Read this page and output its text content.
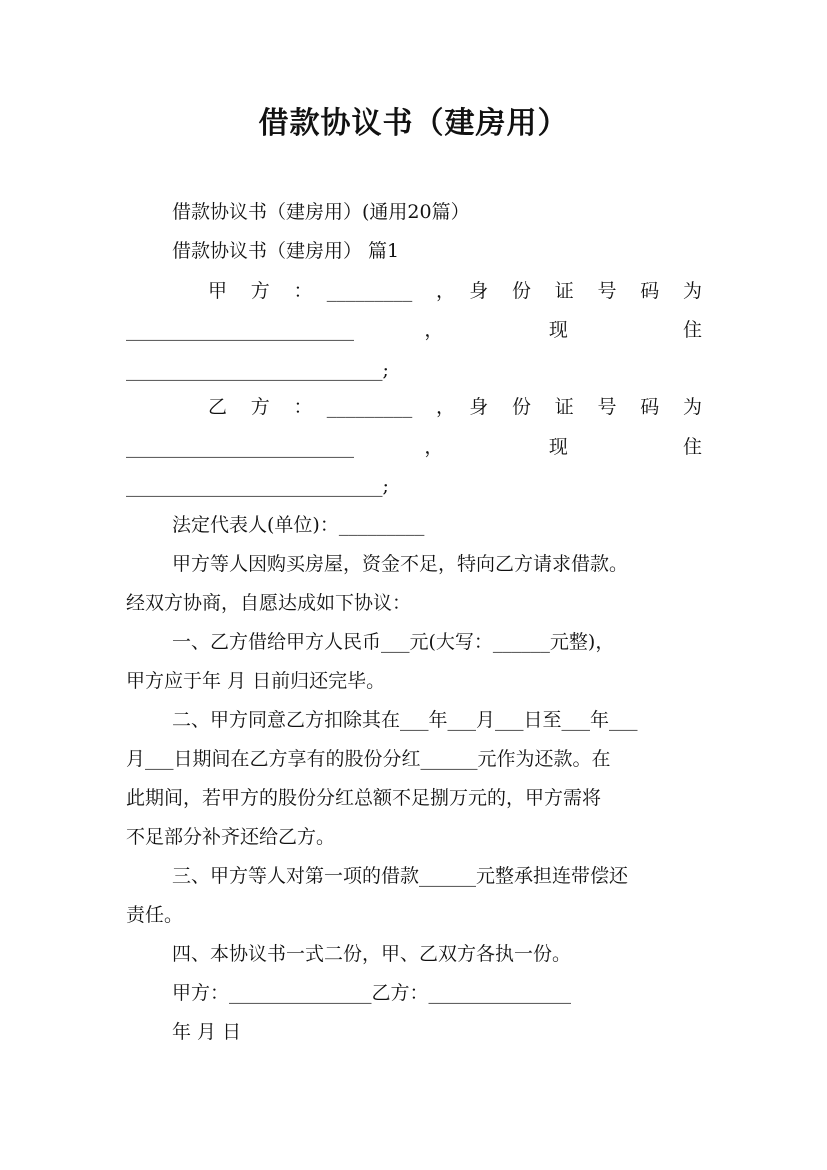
借款协议书（建房用）
借款协议书（建房用）(通用20篇）
借款协议书（建房用） 篇1
甲　方　：　_________　，　身　份　证　号　码　为
________________________　　　，　　　　　现　　　　　住
___________________________;
乙　方　：　_________　，　身　份　证　号　码　为
________________________　　　，　　　　　现　　　　　住
___________________________;
法定代表人(单位)：_________
甲方等人因购买房屋，资金不足，特向乙方请求借款。
经双方协商，自愿达成如下协议：
一、乙方借给甲方人民币___元(大写：______元整)，
甲方应于年 月 日前归还完毕。
二、甲方同意乙方扣除其在___年___月___日至___年___
月___日期间在乙方享有的股份分红______元作为还款。在
此期间，若甲方的股份分红总额不足捌万元的，甲方需将
不足部分补齐还给乙方。
三、甲方等人对第一项的借款______元整承担连带偿还
责任。
四、本协议书一式二份，甲、乙双方各执一份。
甲方：_______________乙方：_______________
年 月 日
